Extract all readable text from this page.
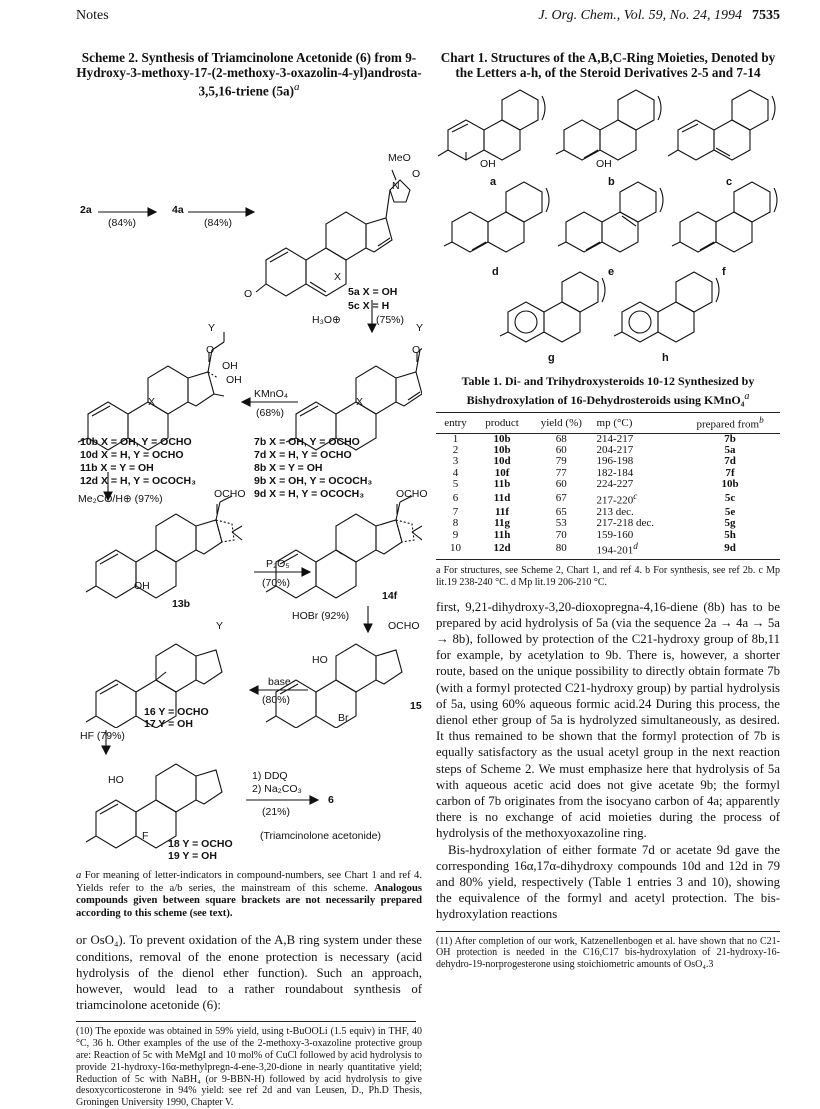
Notes	J. Org. Chem., Vol. 59, No. 24, 1994 7535

Scheme 2. Synthesis of Triamcinolone Acetonide (6) from 9-Hydroxy-3-methoxy-17-(2-methoxy-3-oxazolin-4-yl)androsta-3,5,16-triene $(5a)^a$

2a	4a
(84%)	(84%)
MeO
O
N
X
O	5a X = OH
5c X = H
H₃O⊕	(75%)
Y
O
KMnO₄
(68%)
Y
O
OH
OH
X	X
10b X = OH, Y = OCHO
10d X = H, Y = OCHO
11b X = Y = OH
12d X = H, Y = OCOCH₃
7b X = OH, Y = OCHO
7d X = H, Y = OCHO
8b X = Y = OH
9b X = OH, Y = OCOCH₃
9d X = H, Y = OCOCH₃
Me₂CO/H⊕ (97%)	OCHO
OH
13b
P₂O₅
(70%)
OCHO
14f
HOBr (92%)
OCHO
HO
Br
15
base
(80%)
Y
16 Y = OCHO
17 Y = OH
HF (79%)
HO
F
1) DDQ
2) Na₂CO₃
(21%)
6
(Triamcinolone acetonide)
18 Y = OCHO
19 Y = OH

a For meaning of letter-indicators in compound-numbers, see Chart 1 and ref 4. Yields refer to the a/b series, the mainstream of this scheme. Analogous compounds given between square brackets are not necessarily prepared according to this scheme (see text).

or OsO₄). To prevent oxidation of the A,B ring system under these conditions, removal of the enone protection is necessary (acid hydrolysis of the dienol ether function). Such an approach, however, would lead to a rather roundabout synthesis of triamcinolone acetonide (6):

(10) The epoxide was obtained in 59% yield, using t-BuOOLi (1.5 equiv) in THF, 40 °C, 36 h. Other examples of the use of the 2-methoxy-3-oxazoline protective group are: Reaction of 5c with MeMgI and 10 mol% of CuCl followed by acid hydrolysis to provide 21-hydroxy-16α-methylpregn-4-ene-3,20-dione in nearly quantitative yield; Reduction of 5c with NaBH₄ (or 9-BBN-H) followed by acid hydrolysis to give desoxycorticosterone in 94% yield: see ref 2d and van Leusen, D., Ph.D Thesis, Groningen University 1990, Chapter V.

Chart 1. Structures of the A,B,C-Ring Moieties, Denoted by the Letters a-h, of the Steroid Derivatives 2-5 and 7-14

OH	OH
a	b	c
d	e	f
g	h

Table 1. Di- and Trihydroxysteroids 10-12 Synthesized by Bishydroxylation of 16-Dehydrosteroids using KMnO₄$^a$

entry	product	yield (%)	mp (°C)	prepared from$^b$
1	10b	68	214-217	7b
2	10b	60	204-217	5a
3	10d	79	196-198	7d
4	10f	77	182-184	7f
5	11b	60	224-227	10b
6	11d	67	217-220$^c$	5c
7	11f	65	213 dec.	5e
8	11g	53	217-218 dec.	5g
9	11h	70	159-160	5h
10	12d	80	194-201$^d$	9d

a For structures, see Scheme 2, Chart 1, and ref 4. b For synthesis, see ref 2b. c Mp lit.19 238-240 °C. d Mp lit.19 206-210 °C.

first, 9,21-dihydroxy-3,20-dioxopregna-4,16-diene (8b) has to be prepared by acid hydrolysis of 5a (via the sequence 2a → 4a → 5a → 8b), followed by protection of the C21-hydroxy group of 8b,11 for example, by acetylation to 9b. There is, however, a shorter route, based on the unique possibility to directly obtain formate 7b (with a formyl protected C21-hydroxy group) by partial hydrolysis of 5a, using 60% aqueous formic acid.24 During this process, the dienol ether group of 5a is hydrolyzed simultaneously, as desired. It thus remained to be shown that the formyl protection of 7b is equally satisfactory as the usual acetyl group in the next reaction steps of Scheme 2. We must emphasize here that hydrolysis of 5a with aqueous acetic acid does not give acetate 9b; the formyl carbon of 7b originates from the isocyano carbon of 4a; apparently there is no exchange of acid moieties during the process of hydrolysis of the methoxyoxazoline ring.

Bis-hydroxylation of either formate 7d or acetate 9d gave the corresponding 16α,17α-dihydroxy compounds 10d and 12d in 79 and 80% yield, respectively (Table 1 entries 3 and 10), showing the equivalence of the formyl and acetyl protection. The bis-hydroxylation reactions

(11) After completion of our work, Katzenellenbogen et al. have shown that no C21-OH protection is needed in the C16,C17 bis-hydroxylation of 21-hydroxy-16-dehydro-19-norprogesterone using stoichiometric amounts of OsO₄.3
